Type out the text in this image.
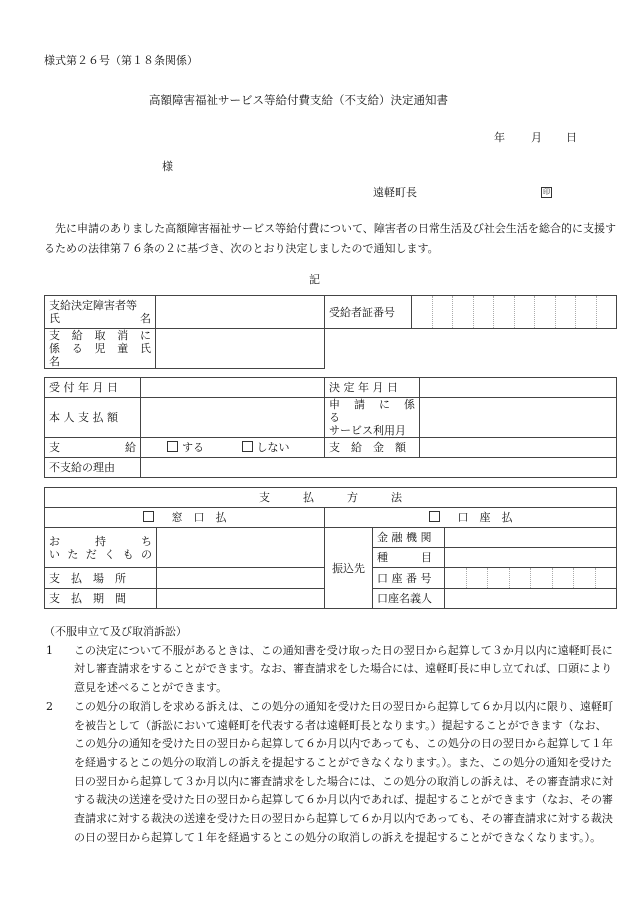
様式第２６号（第１８条関係）
高額障害福祉サービス等給付費支給（不支給）決定通知書
年 月 日
様
遠軽町長	印
　先に申請のありました高額障害福祉サービス等給付費について、障害者の日常生活及び社会生活を総合的に支援するための法律第７６条の２に基づき、次のとおり決定しましたので通知します。
記
支給決定障害者等
氏 名		受給者証番号	

支　給　取　消　に
係　る　児　童　氏　名			

受 付 年 月 日		決 定 年 月 日	
本 人 支 払 額		申　請　に　係　る
サービス利用月	

支 給	する しない	支　給　金　額	
不支給の理由			
支　　　払　　　方　　　法				
窓　口　払		口　座　払		

お　　持　　ち
い た だ く も の		振込先	金 融 機 関	
			種　　　目	
支　払　場　所			口 座 番 号	

支　払　期　間			口座名義人	
（不服申立て及び取消訴訟）
1	この決定について不服があるときは、この通知書を受け取った日の翌日から起算して３か月以内に遠軽町長に対し審査請求をすることができます。なお、審査請求をした場合には、遠軽町長に申し立てれば、口頭により意見を述べることができます。
2	この処分の取消しを求める訴えは、この処分の通知を受けた日の翌日から起算して６か月以内に限り、遠軽町を被告として（訴訟において遠軽町を代表する者は遠軽町長となります。）提起することができます（なお、この処分の通知を受けた日の翌日から起算して６か月以内であっても、この処分の日の翌日から起算して１年を経過するとこの処分の取消しの訴えを提起することができなくなります。）。また、この処分の通知を受けた日の翌日から起算して３か月以内に審査請求をした場合には、この処分の取消しの訴えは、その審査請求に対する裁決の送達を受けた日の翌日から起算して６か月以内であれば、提起することができます（なお、その審査請求に対する裁決の送達を受けた日の翌日から起算して６か月以内であっても、その審査請求に対する裁決の日の翌日から起算して１年を経過するとこの処分の取消しの訴えを提起することができなくなります。）。
